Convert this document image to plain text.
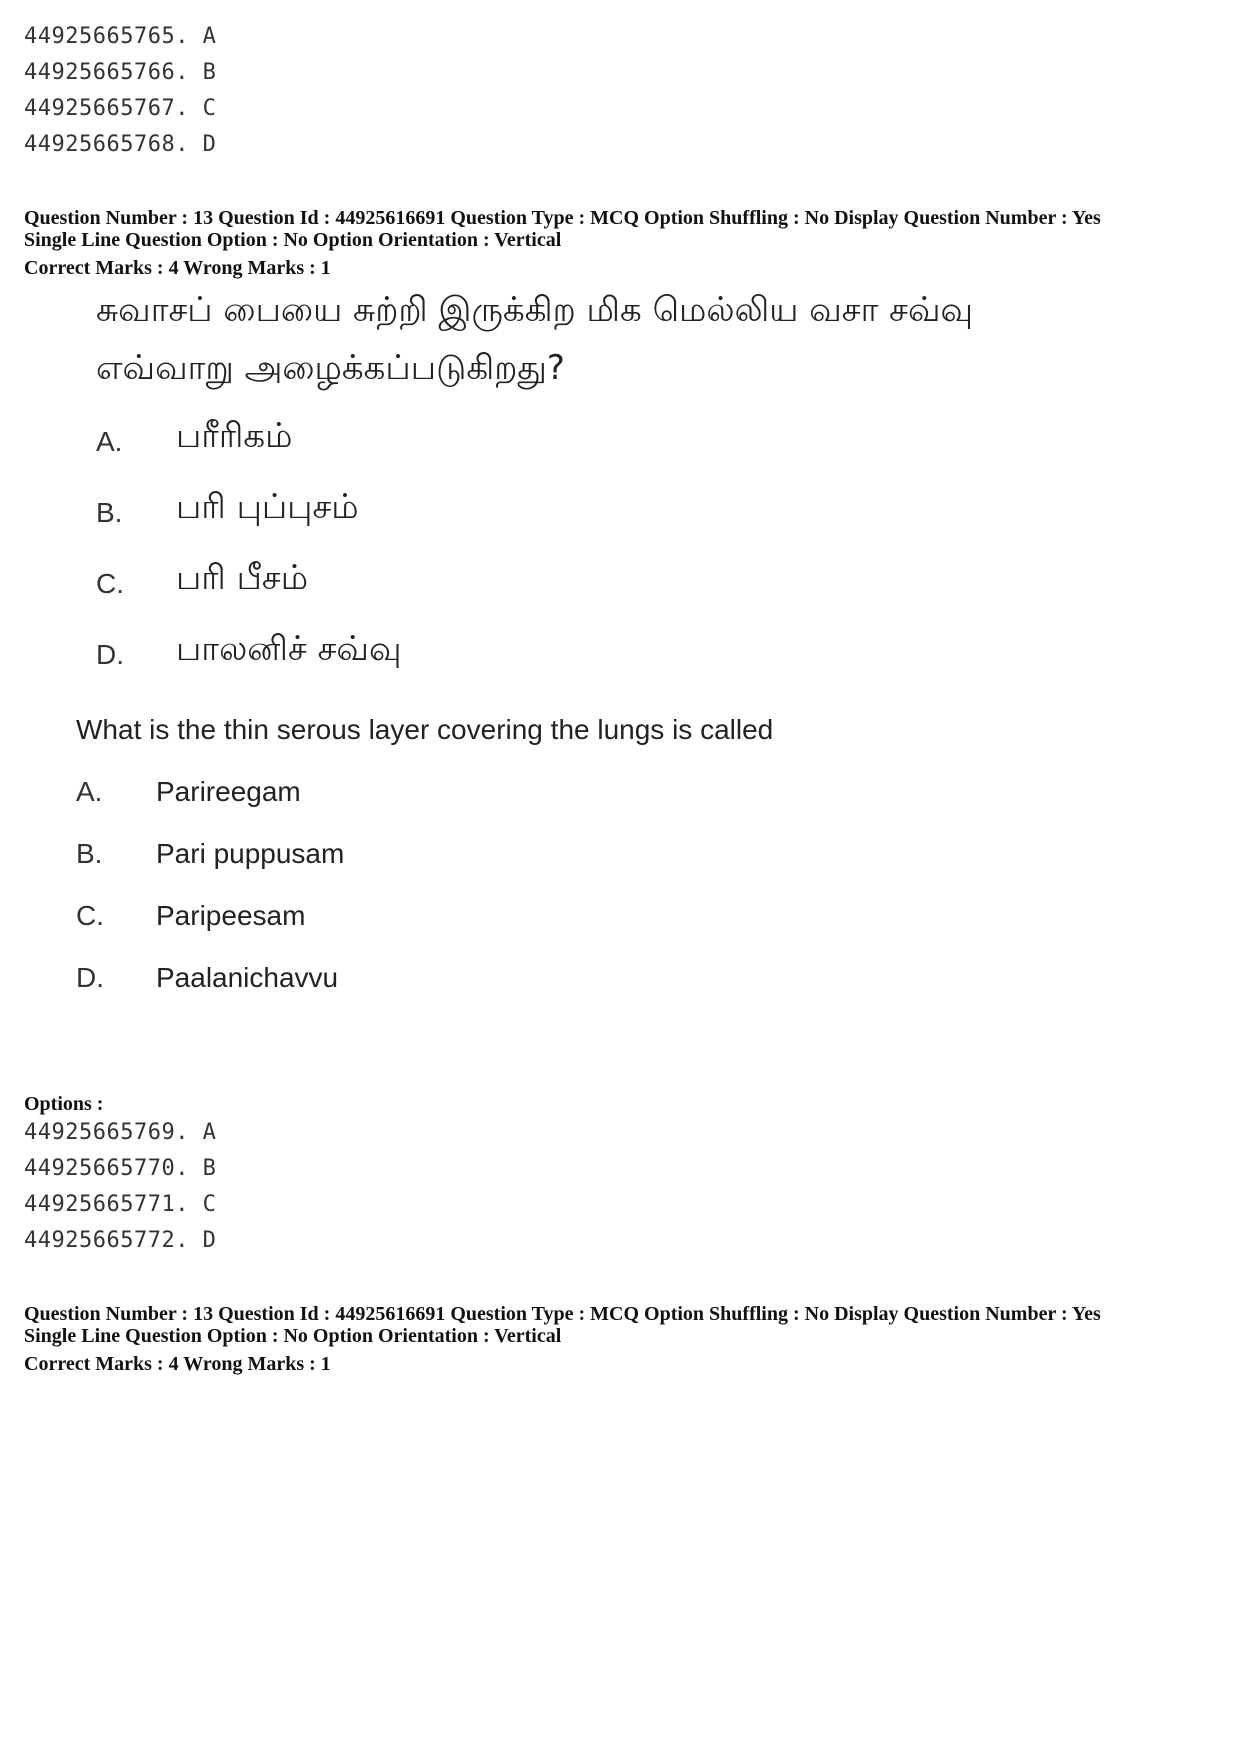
44925665765. A
44925665766. B
44925665767. C
44925665768. D
Question Number : 13 Question Id : 44925616691 Question Type : MCQ Option Shuffling : No Display Question Number : Yes
Single Line Question Option : No Option Orientation : Vertical
Correct Marks : 4 Wrong Marks : 1
சுவாசப் பையை சுற்றி இருக்கிற மிக மெல்லிய வசா சவ்வு
எவ்வாறு அழைக்கப்படுகிறது?
A. பரீரிகம்
B. பரி புப்புசம்
C. பரி பீசம்
D. பாலனிச் சவ்வு
What is the thin serous layer covering the lungs is called
A. Parireegam
B. Pari puppusam
C. Paripeesam
D. Paalanichavvu
Options :
44925665769. A
44925665770. B
44925665771. C
44925665772. D
Question Number : 13 Question Id : 44925616691 Question Type : MCQ Option Shuffling : No Display Question Number : Yes
Single Line Question Option : No Option Orientation : Vertical
Correct Marks : 4 Wrong Marks : 1
